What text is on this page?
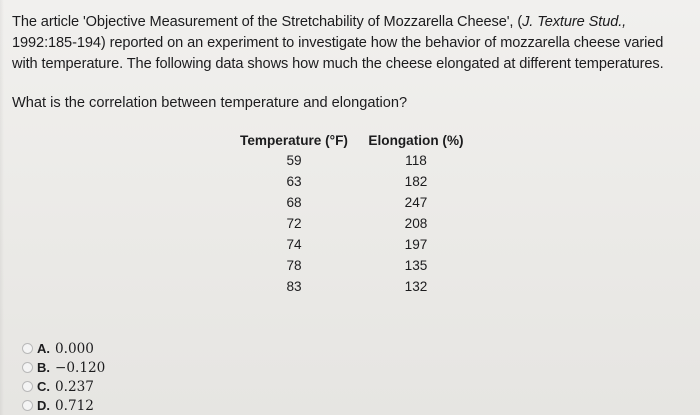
The article 'Objective Measurement of the Stretchability of Mozzarella Cheese', (J. Texture Stud., 1992:185-194) reported on an experiment to investigate how the behavior of mozzarella cheese varied with temperature. The following data shows how much the cheese elongated at different temperatures.
What is the correlation between temperature and elongation?
Temperature (°F)	Elongation (%)
59	118
63	182
68	247
72	208
74	197
78	135
83	132
A. 0.000
B. −0.120
C. 0.237
D. 0.712
